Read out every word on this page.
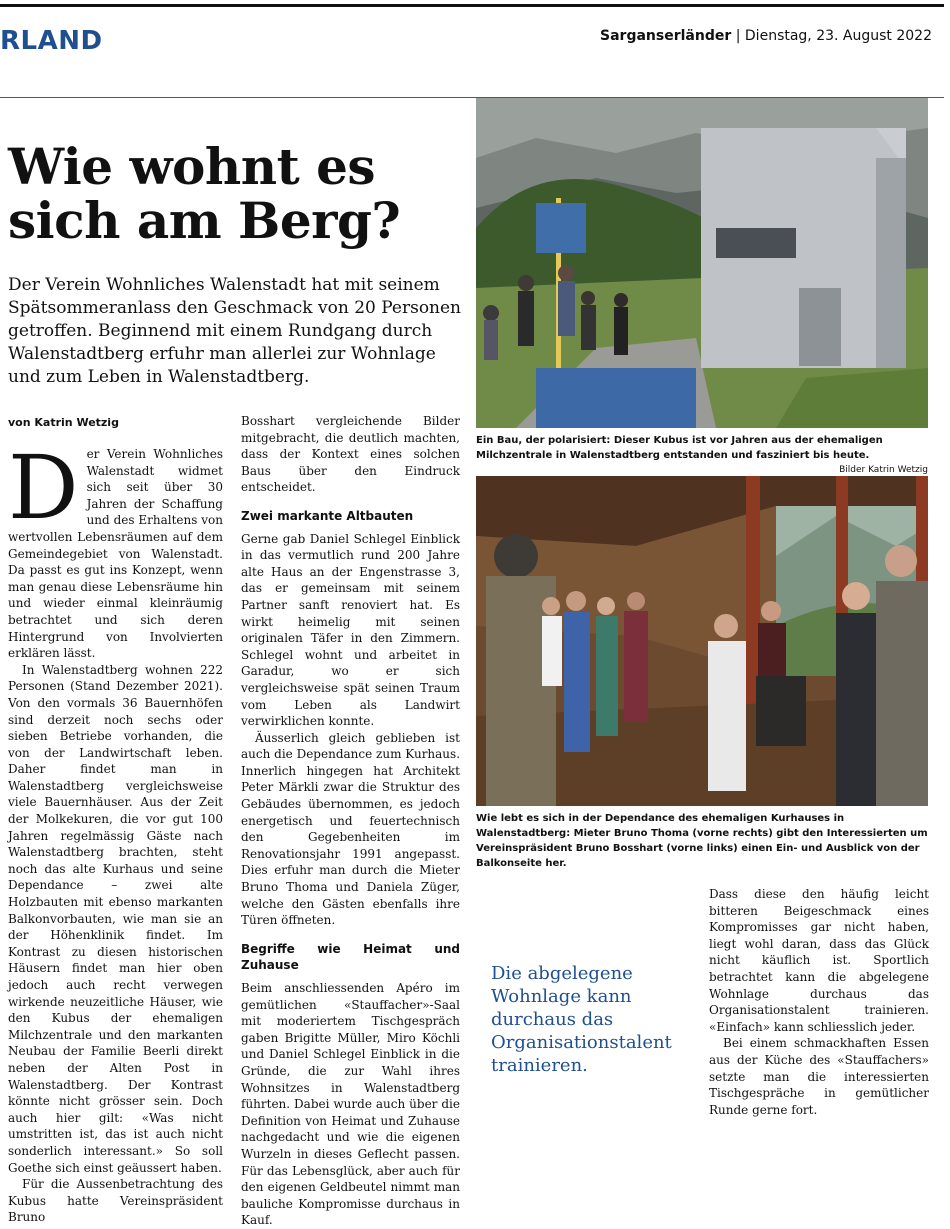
RLAND	Sarganserländer | Dienstag, 23. August 2022
Wie wohnt es sich am Berg?

Der Verein Wohnliches Walenstadt hat mit seinem Spätsommeranlass den Geschmack von 20 Personen getroffen. Beginnend mit einem Rundgang durch Walenstadtberg erfuhr man allerlei zur Wohnlage und zum Leben in Walenstadtberg.

von Katrin Wetzig

Der Verein Wohnliches Walenstadt widmet sich seit über 30 Jahren der Schaffung und des Erhaltens von wertvollen Lebensräumen auf dem Gemeindegebiet von Walenstadt. Da passt es gut ins Konzept, wenn man genau diese Lebensräume hin und wieder einmal kleinräumig betrachtet und sich deren Hintergrund von Involvierten erklären lässt.

In Walenstadtberg wohnen 222 Personen (Stand Dezember 2021). Von den vormals 36 Bauernhöfen sind derzeit noch sechs oder sieben Betriebe vorhanden, die von der Landwirtschaft leben. Daher findet man in Walenstadtberg vergleichsweise viele Bauernhäuser. Aus der Zeit der Molkekuren, die vor gut 100 Jahren regelmässig Gäste nach Walenstadtberg brachten, steht noch das alte Kurhaus und seine Dependance – zwei alte Holzbauten mit ebenso markanten Balkonvorbauten, wie man sie an der Höhenklinik findet. Im Kontrast zu diesen historischen Häusern findet man hier oben jedoch auch recht verwegen wirkende neuzeitliche Häuser, wie den Kubus der ehemaligen Milchzentrale und den markanten Neubau der Familie Beerli direkt neben der Alten Post in Walenstadtberg. Der Kontrast könnte nicht grösser sein. Doch auch hier gilt: «Was nicht umstritten ist, das ist auch nicht sonderlich interessant.» So soll Goethe sich einst geäussert haben.

Für die Aussenbetrachtung des Kubus hatte Vereinspräsident Bruno

Bosshart vergleichende Bilder mitgebracht, die deutlich machten, dass der Kontext eines solchen Baus über den Eindruck entscheidet.

Zwei markante Altbauten

Gerne gab Daniel Schlegel Einblick in das vermutlich rund 200 Jahre alte Haus an der Engenstrasse 3, das er gemeinsam mit seinem Partner sanft renoviert hat. Es wirkt heimelig mit seinen originalen Täfer in den Zimmern. Schlegel wohnt und arbeitet in Garadur, wo er sich vergleichsweise spät seinen Traum vom Leben als Landwirt verwirklichen konnte.

Äusserlich gleich geblieben ist auch die Dependance zum Kurhaus. Innerlich hingegen hat Architekt Peter Märkli zwar die Struktur des Gebäudes übernommen, es jedoch energetisch und feuertechnisch den Gegebenheiten im Renovationsjahr 1991 angepasst. Dies erfuhr man durch die Mieter Bruno Thoma und Daniela Züger, welche den Gästen ebenfalls ihre Türen öffneten.

Begriffe wie Heimat und Zuhause

Beim anschliessenden Apéro im gemütlichen «Stauffacher»-Saal mit moderiertem Tischgespräch gaben Brigitte Müller, Miro Köchli und Daniel Schlegel Einblick in die Gründe, die zur Wahl ihres Wohnsitzes in Walenstadtberg führten. Dabei wurde auch über die Definition von Heimat und Zuhause nachgedacht und wie die eigenen Wurzeln in dieses Geflecht passen. Für das Lebensglück, aber auch für den eigenen Geldbeutel nimmt man bauliche Kompromisse durchaus in Kauf.

Ein Bau, der polarisiert: Dieser Kubus ist vor Jahren aus der ehemaligen Milchzentrale in Walenstadtberg entstanden und fasziniert bis heute.
Bilder Katrin Wetzig
Wie lebt es sich in der Dependance des ehemaligen Kurhauses in Walenstadtberg: Mieter Bruno Thoma (vorne rechts) gibt den Interessierten um Vereinspräsident Bruno Bosshart (vorne links) einen Ein- und Ausblick von der Balkonseite her.
Die abgelegene Wohnlage kann durchaus das Organisationstalent trainieren.

Dass diese den häufig leicht bitteren Beigeschmack eines Kompromisses gar nicht haben, liegt wohl daran, dass das Glück nicht käuflich ist. Sportlich betrachtet kann die abgelegene Wohnlage durchaus das Organisationstalent trainieren. «Einfach» kann schliesslich jeder.

Bei einem schmackhaften Essen aus der Küche des «Stauffachers» setzte man die interessierten Tischgespräche in gemütlicher Runde gerne fort.
